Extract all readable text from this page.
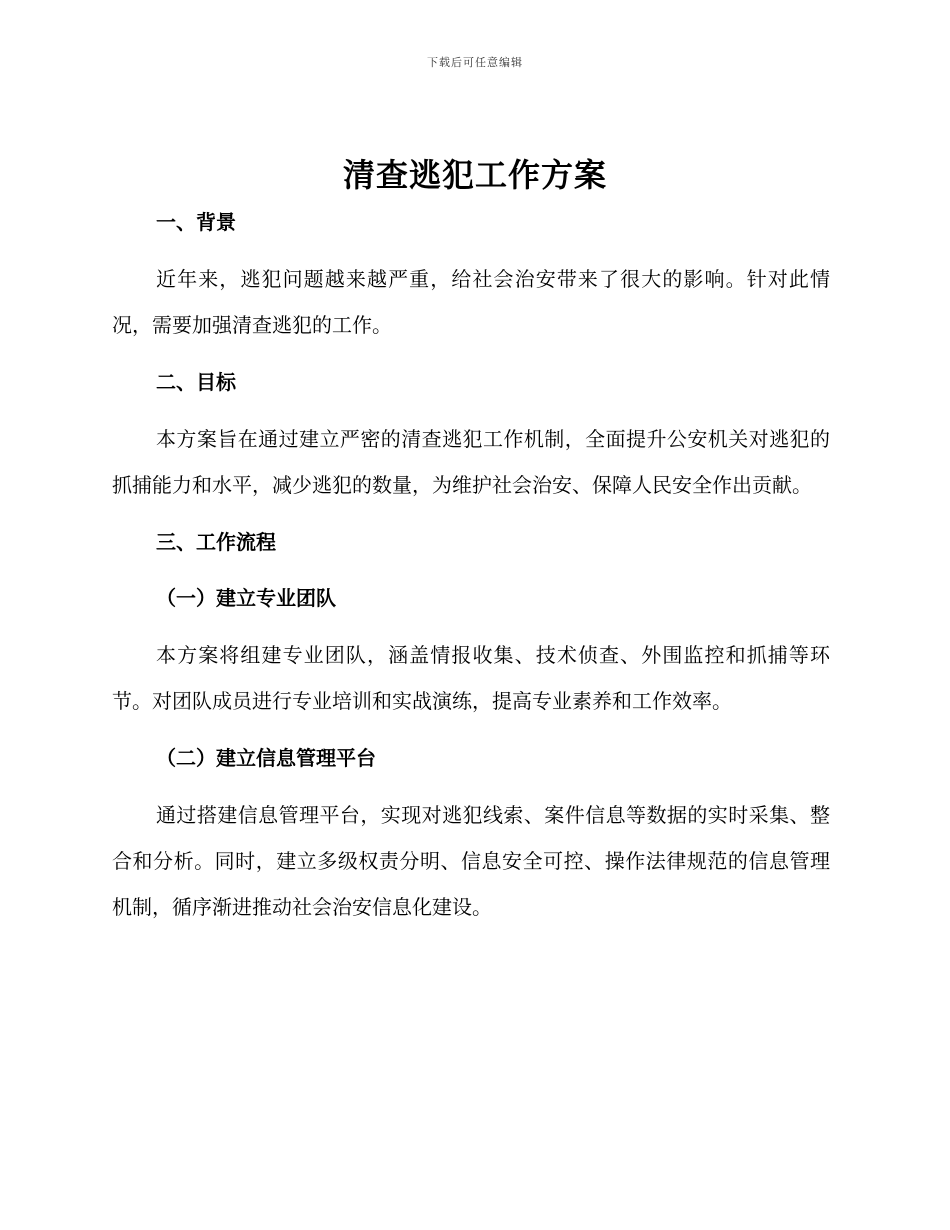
下载后可任意编辑
清查逃犯工作方案
一、背景

近年来，逃犯问题越来越严重，给社会治安带来了很大的影响。针对此情况，需要加强清查逃犯的工作。

二、目标

本方案旨在通过建立严密的清查逃犯工作机制，全面提升公安机关对逃犯的抓捕能力和水平，减少逃犯的数量，为维护社会治安、保障人民安全作出贡献。

三、工作流程
（一）建立专业团队

本方案将组建专业团队，涵盖情报收集、技术侦查、外围监控和抓捕等环节。对团队成员进行专业培训和实战演练，提高专业素养和工作效率。

（二）建立信息管理平台

通过搭建信息管理平台，实现对逃犯线索、案件信息等数据的实时采集、整合和分析。同时，建立多级权责分明、信息安全可控、操作法律规范的信息管理机制，循序渐进推动社会治安信息化建设。
